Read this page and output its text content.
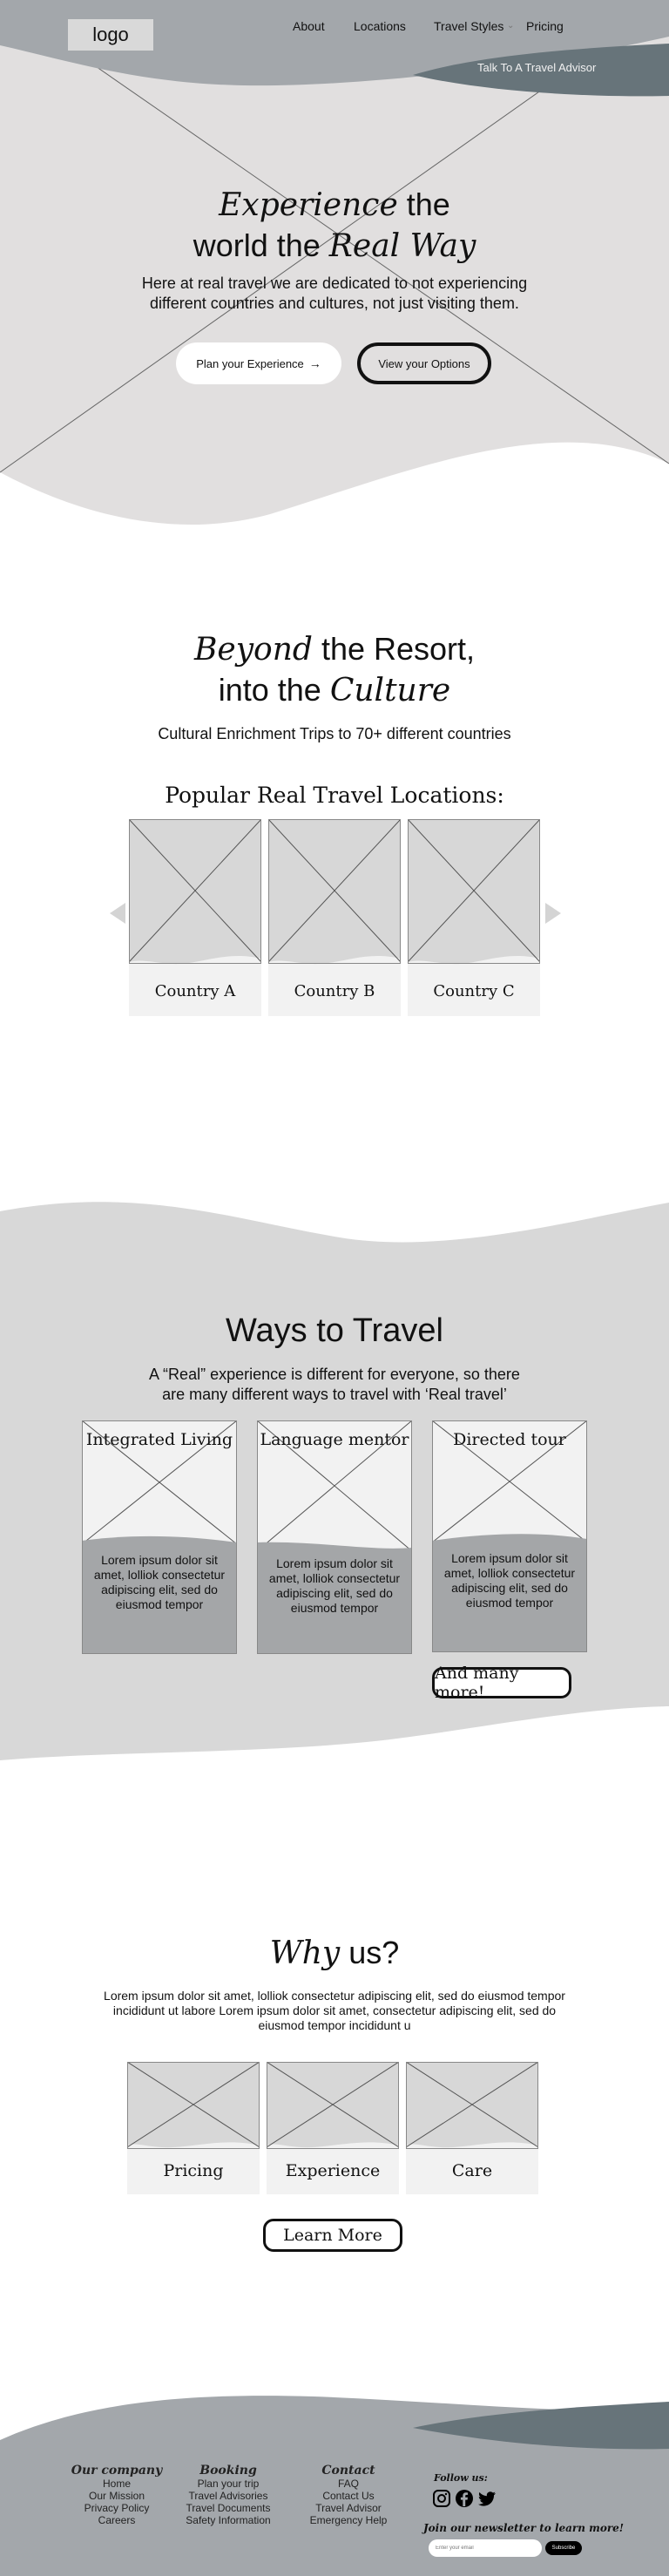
logo	About Locations Travel Styles ⌄ Pricing
Talk To A Travel Advisor
Experience the
world the Real Way
Here at real travel we are dedicated to not experiencing
different countries and cultures, not just visiting them.
Plan your Experience →	View your Options
Beyond the Resort,
into the Culture
Cultural Enrichment Trips to 70+ different countries
Popular Real Travel Locations:
Country A	Country B	Country C
Ways to Travel
A “Real” experience is different for everyone, so there
are many different ways to travel with ‘Real travel’
Integrated Living
Lorem ipsum dolor sit amet, lolliok consectetur adipiscing elit, sed do eiusmod tempor
Language mentor
Lorem ipsum dolor sit amet, lolliok consectetur adipiscing elit, sed do eiusmod tempor
Directed tour
Lorem ipsum dolor sit amet, lolliok consectetur adipiscing elit, sed do eiusmod tempor
And many more!
Why us?
Lorem ipsum dolor sit amet, lolliok consectetur adipiscing elit, sed do eiusmod tempor incididunt ut labore Lorem ipsum dolor sit amet, consectetur adipiscing elit, sed do eiusmod tempor incididunt u
Pricing	Experience	Care
Learn More
Our company
Home
Our Mission
Privacy Policy
Careers
Booking
Plan your trip
Travel Advisories
Travel Documents
Safety Information
Contact
FAQ
Contact Us
Travel Advisor
Emergency Help
Follow us:
Join our newsletter to learn more!
Enter your email
Subscribe
